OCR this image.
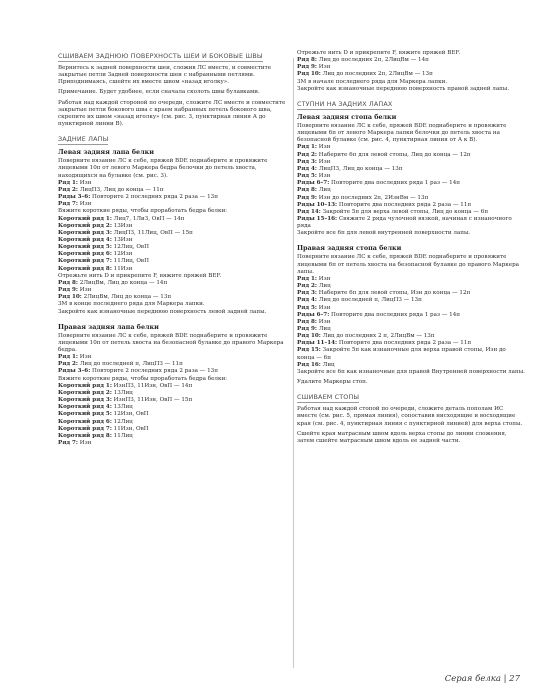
СШИВАЕМ ЗАДНЮЮ ПОВЕРХНОСТЬ ШЕИ И БОКОВЫЕ ШВЫ

Вернитесь к задней поверхности шеи, сложив ЛС вместе, и совместите закрытые петли Задней поверхности шеи с набранными петлями. Приподнимаясь, сшейте их вместе швом «назад иголку».

Примечание. Будет удобнее, если сначала сколоть швы булавками.

Работая над каждой стороной по очереди, сложите ЛС вместе и совместите закрытые петли бокового шва с краем набранных петель бокового шва, скрепите их швом «назад иголку» (см. рис. 3, пунктирная линия А до пунктирной линии В).

ЗАДНИЕ ЛАПЫ
Левая задняя лапа белки

Поверните вязание ЛС к себе, пряжей BDE поднаберите и провяжите лицевыми 10п от левого Маркера бедра белочки до петель хвоста, находящихся на булавке (см. рис. 3).

Ряд 1: Изн
Ряд 2: ЛицПЗ, Лиц до конца — 11п
Ряды 3–6: Повторите 2 последних ряда 2 раза — 13п
Ряд 7: Изн

Вяжите короткие ряды, чтобы проработать бедра белки:

Короткий ряд 1: Лиц7, 1ЛиЗ, ОвП — 14п
Короткий ряд 2: 13Изн
Короткий ряд 3: ЛицПЗ, 11Лиц, ОвП — 15п
Короткий ряд 4: 13Изн
Короткий ряд 5: 12Лиц, ОвП
Короткий ряд 6: 12Изн
Короткий ряд 7: 11Лиц, ОвП
Короткий ряд 8: 11Изн

Отрежьте нить D и прикрепите F, вяжите пряжей BEF.

Ряд 8: 2ЛицВм, Лиц до конца — 14п
Ряд 9: Изн
Ряд 10: 2ЛицВм, Лиц до конца — 13п

3М в конце последнего ряда для Маркера лапки.

Закройте как изнаночные переднюю поверхность левой задней лапы.

Правая задняя лапа белки

Поверните вязание ЛС к себе, пряжей BDE поднаберите и провяжите лицевыми 10п от петель хвоста на безопасной булавке до правого Маркера бедра.

Ряд 1: Изн
Ряд 2: Лиц до последней п, ЛицПЗ — 11п
Ряды 3–6: Повторите 2 последних ряда 2 раза — 13п

Вяжите короткие ряды, чтобы проработать бедра белки:

Короткий ряд 1: ИзнПЗ, 11Изн, ОвП — 14п
Короткий ряд 2: 13Лиц
Короткий ряд 3: ИзнПЗ, 11Изн, ОвП — 15п
Короткий ряд 4: 13Лиц
Короткий ряд 5: 12Изн, ОвП
Короткий ряд 6: 12Лиц
Короткий ряд 7: 11Изн, ОвП
Короткий ряд 8: 11Лиц
Ряд 7: Изн

Отрежьте нить D и прикрепите F, вяжите пряжей BEF.

Ряд 8: Лиц до последних 2п, 2ЛицВм — 14п
Ряд 9: Изн
Ряд 10: Лиц до последних 2п, 2ЛицВм — 13п

3М в начале последнего ряда для Маркера лапки.

Закройте как изнаночные переднюю поверхность правой задней лапы.

СТУПНИ НА ЗАДНИХ ЛАПАХ
Левая задняя стопа белки

Поверните вязание ЛС к себе, пряжей BDE поднаберите и провяжите лицевыми 6п от левого Маркера лапки белочки до петель хвоста на безопасной булавке (см. рис. 4, пунктирная линия от А к В).

Ряд 1: Изн
Ряд 2: Наберите 6п для левой стопы, Лиц до конца — 12п
Ряд 3: Изн
Ряд 4: ЛицПЗ, Лиц до конца — 13п
Ряд 5: Изн
Ряды 6–7: Повторите два последних ряда 1 раз — 14п
Ряд 8: Лиц
Ряд 9: Изн до последних 2п, 2ИзнВм — 13п
Ряды 10–13: Повторите два последних ряда 2 раза — 11п
Ряд 14: Закройте 5п для верха левой стопы, Лиц до конца — 6п
Ряды 15–16: Свяжите 2 ряда чулочной вязкой, начиная с изнаночного ряда

Закройте все 6п для левой внутренней поверхности лапы.

Правая задняя стопа белки

Поверните вязание ЛС к себе, пряжей BDE поднаберите и провяжите лицевыми 6п от петель хвоста на безопасной булавке до правого Маркера лапы.

Ряд 1: Изн
Ряд 2: Лиц
Ряд 3: Наберите 6п для левой стопы, Изн до конца — 12п
Ряд 4: Лиц до последней п, ЛицПЗ — 13п
Ряд 5: Изн
Ряды 6–7: Повторите два последних ряда 1 раз — 14п
Ряд 8: Изн
Ряд 9: Лиц
Ряд 10: Лиц до последних 2 п, 2ЛицВм — 13п
Ряды 11–14: Повторите два последних ряда 2 раза — 11п
Ряд 15: Закройте 5п как изнаночные для верха правой стопы, Изн до конца — 6п
Ряд 16: Лиц

Закройте все 6п как изнаночные для правой Внутренней поверхности лапы.

Удалите Маркеры стоп.

СШИВАЕМ СТОПЫ

Работая над каждой стопой по очереди, сложите деталь пополам ИС вместе (см. рис. 5, прямая линия), сопоставив нисходящие и восходящие края (см. рис. 4, пунктирная линия с пунктирной линией) для верха стопы.

Сшейте края матрасным швом вдоль верха стопы до линии сложения, затем сшейте матрасным швом вдоль ее задней части.

Серая белка | 27
